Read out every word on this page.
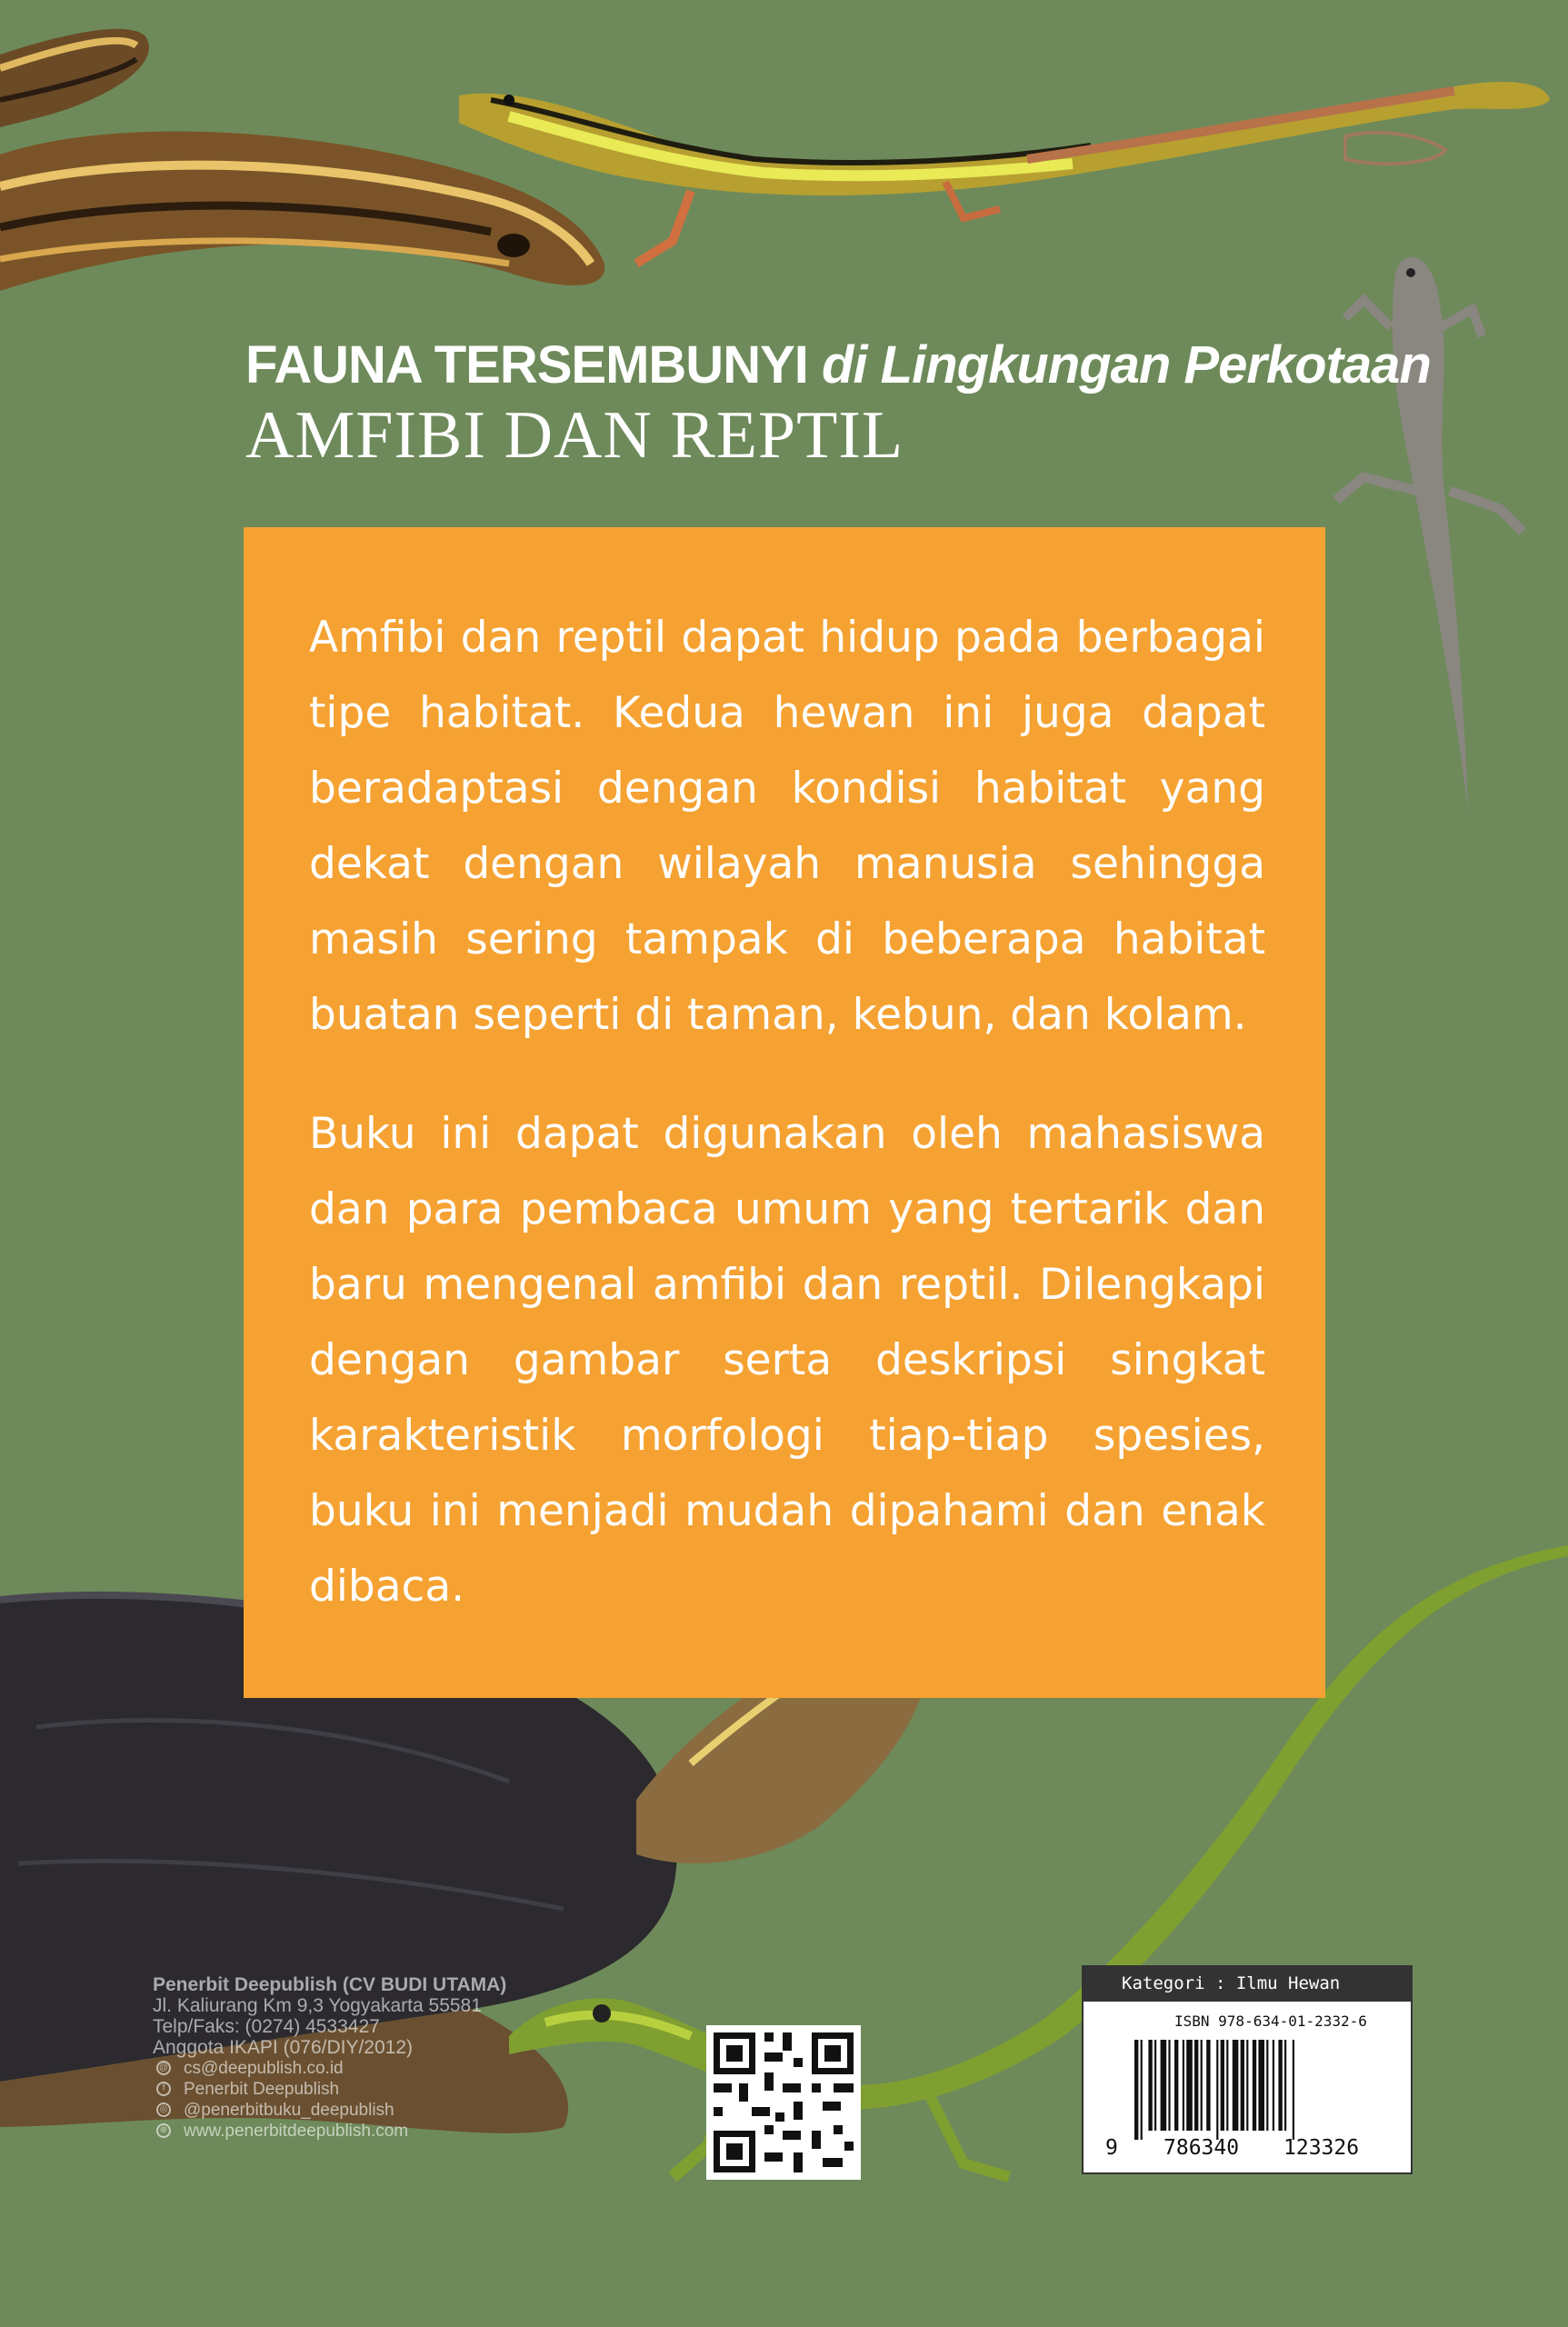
FAUNA TERSEMBUNYI di Lingkungan Perkotaan
AMFIBI DAN REPTIL

Amfibi dan reptil dapat hidup pada berbagai tipe habitat. Kedua hewan ini juga dapat beradaptasi dengan kondisi habitat yang dekat dengan wilayah manusia sehingga masih sering tampak di beberapa habitat buatan seperti di taman, kebun, dan kolam.

Buku ini dapat digunakan oleh mahasiswa dan para pembaca umum yang tertarik dan baru mengenal amfibi dan reptil. Dilengkapi dengan gambar serta deskripsi singkat karakteristik morfologi tiap-tiap spesies, buku ini menjadi mudah dipahami dan enak dibaca.

Penerbit Deepublish (CV BUDI UTAMA)
Jl. Kaliurang Km 9,3 Yogyakarta 55581
Telp/Faks: (0274) 4533427
Anggota IKAPI (076/DIY/2012)
@ cs@deepublish.co.id
f	Penerbit Deepublish
◎ @penerbitbuku_deepublish
⊕ www.penerbitdeepublish.com
Kategori : Ilmu Hewan
ISBN 978-634-01-2332-6
9 786340 123326
